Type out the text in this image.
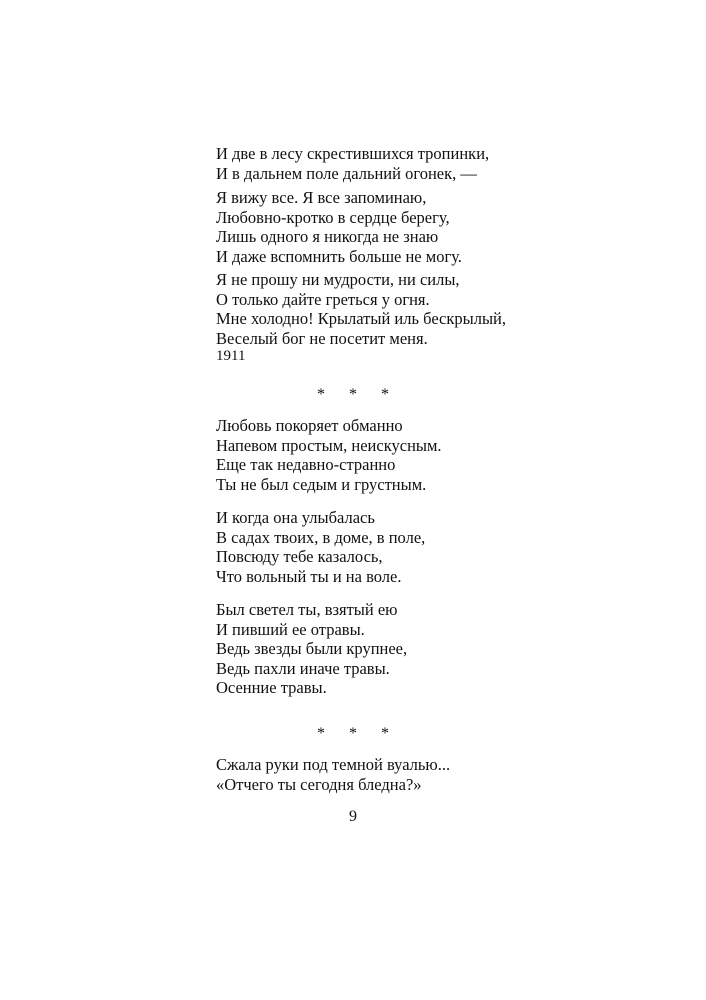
И две в лесу скрестившихся тропинки,
И в дальнем поле дальний огонек, —
Я вижу все. Я все запоминаю,
Любовно-кротко в сердце берегу,
Лишь одного я никогда не знаю
И даже вспомнить больше не могу.
Я не прошу ни мудрости, ни силы,
О только дайте греться у огня.
Мне холодно! Крылатый иль бескрылый,
Веселый бог не посетит меня.
1911
* * *
Любовь покоряет обманно
Напевом простым, неискусным.
Еще так недавно-странно
Ты не был седым и грустным.
И когда она улыбалась
В садах твоих, в доме, в поле,
Повсюду тебе казалось,
Что вольный ты и на воле.
Был светел ты, взятый ею
И пивший ее отравы.
Ведь звезды были крупнее,
Ведь пахли иначе травы.
Осенние травы.
* * *
Сжала руки под темной вуалью...
«Отчего ты сегодня бледна?»
9
